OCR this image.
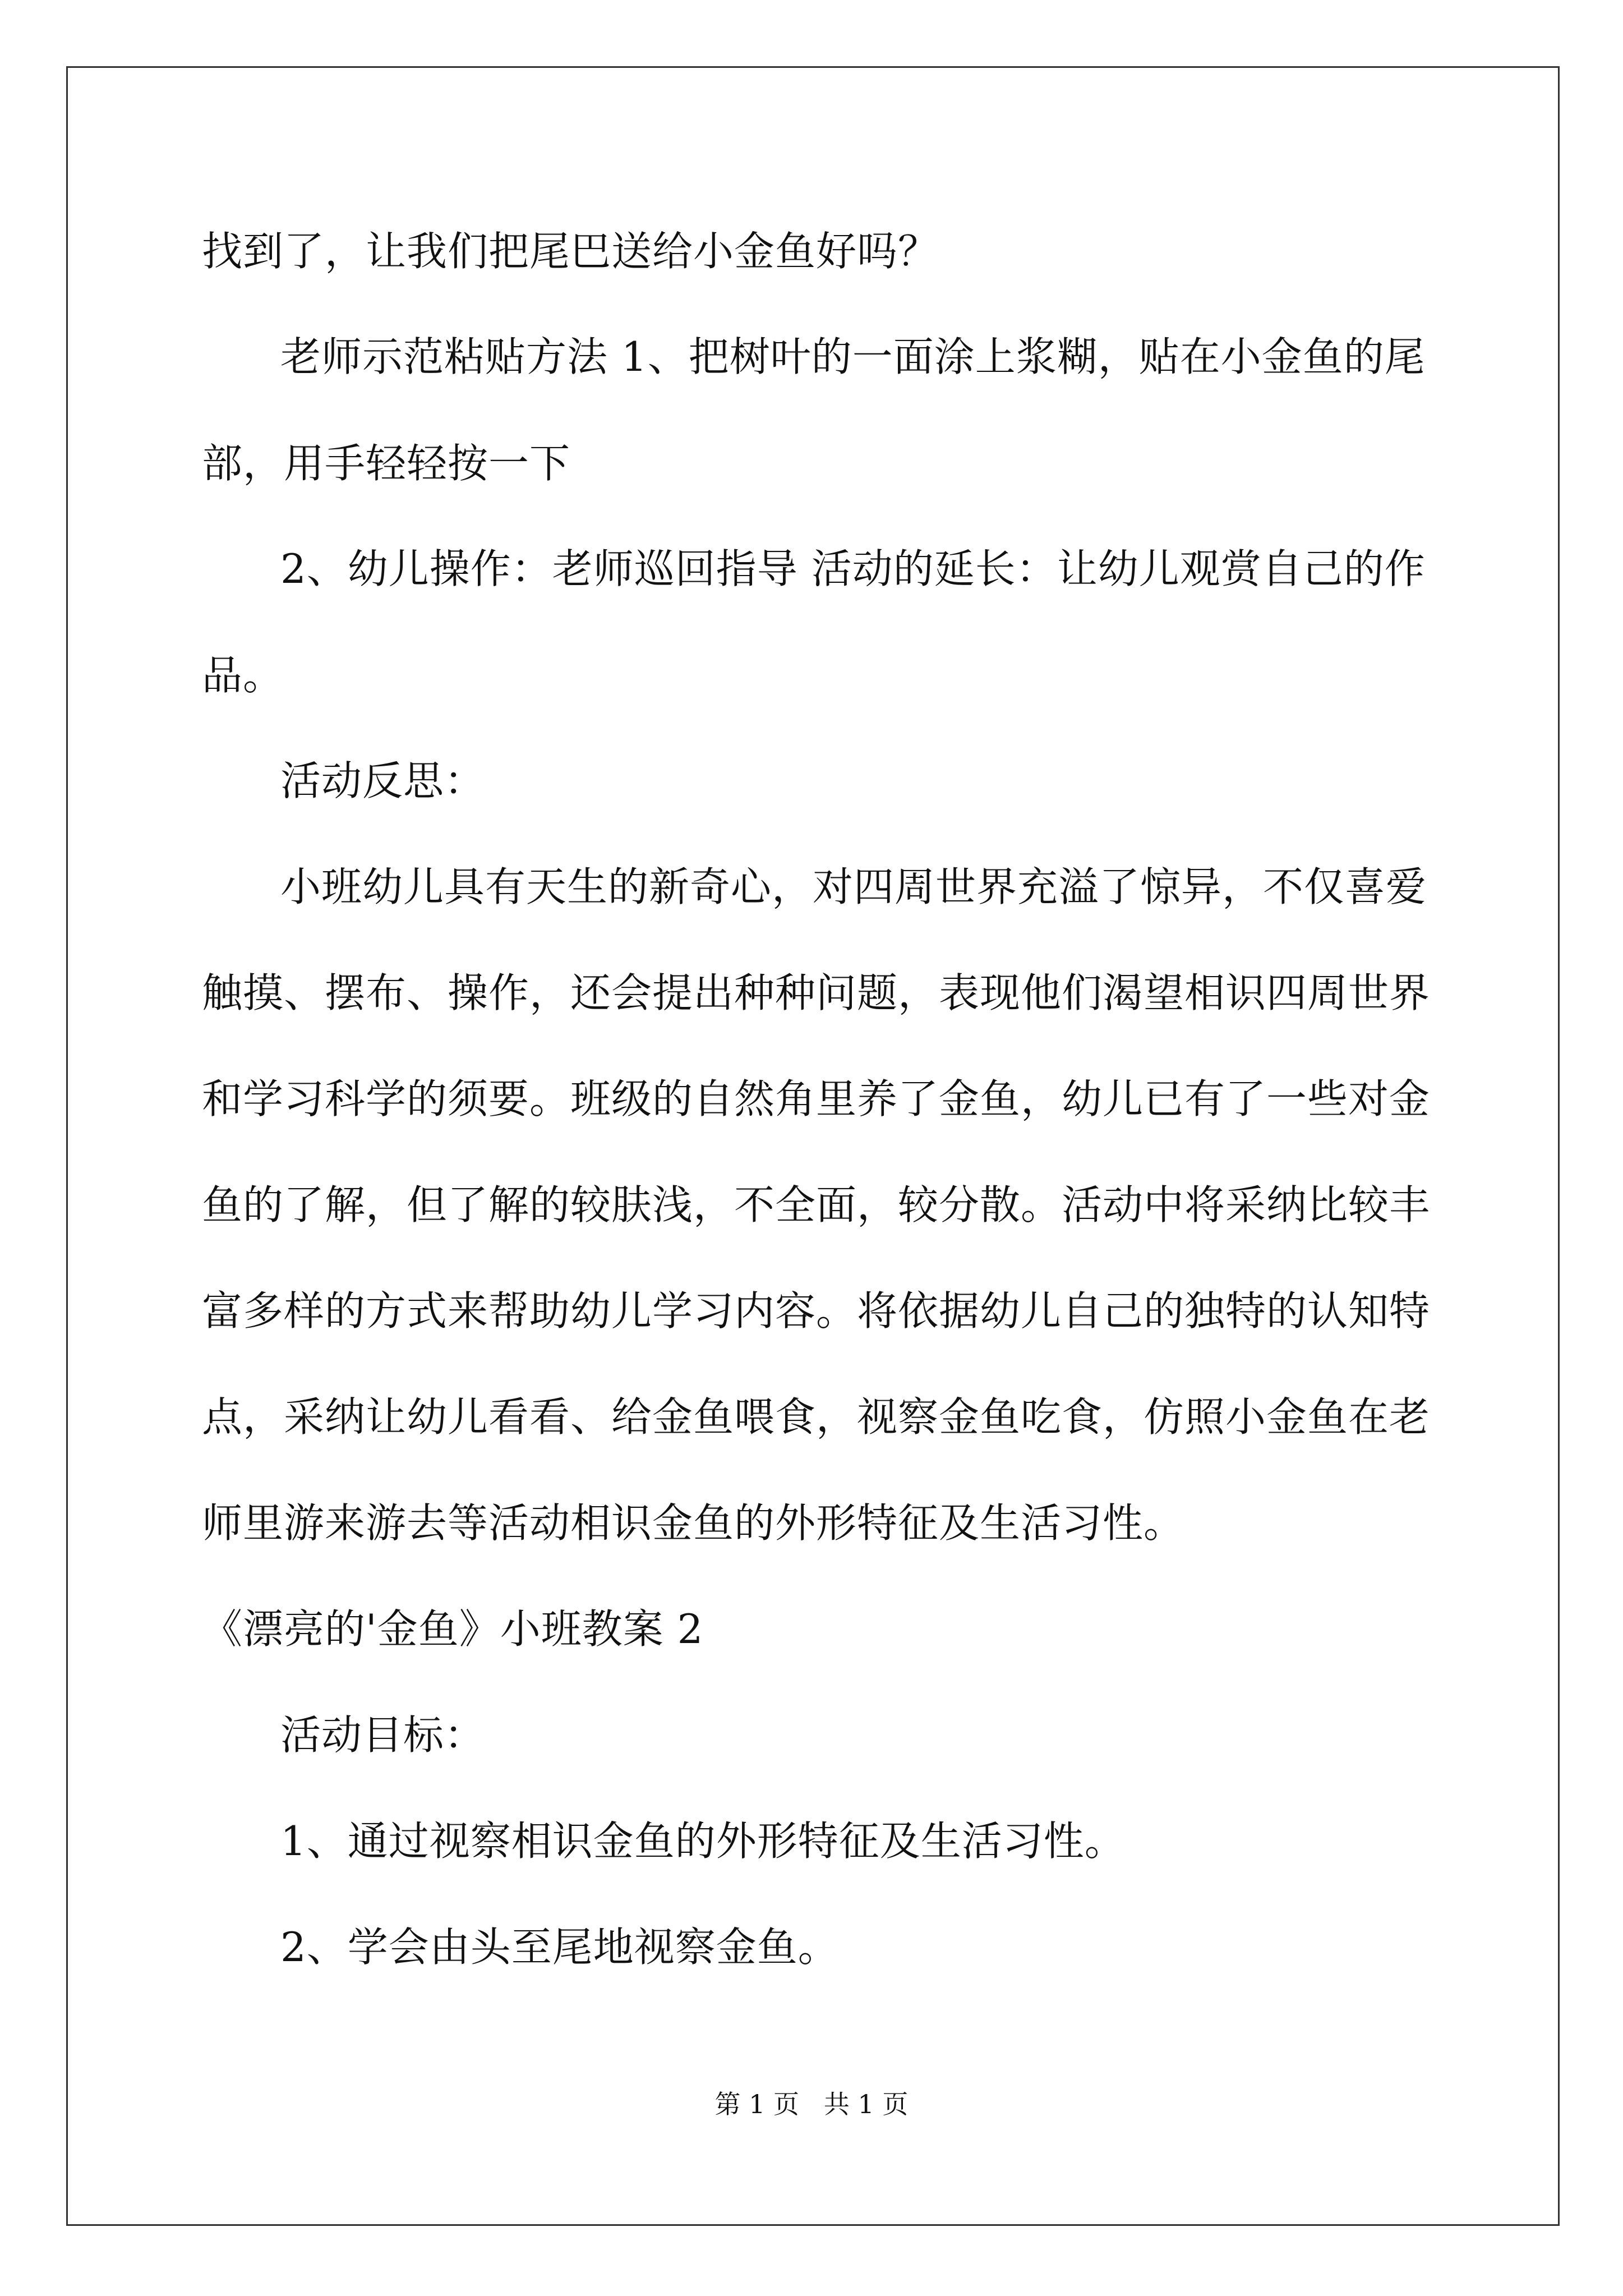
找到了，让我们把尾巴送给小金鱼好吗？
老师示范粘贴方法 1、把树叶的一面涂上浆糊，贴在小金鱼的尾
部，用手轻轻按一下
2、幼儿操作：老师巡回指导 活动的延长：让幼儿观赏自己的作
品。
活动反思：
小班幼儿具有天生的新奇心，对四周世界充溢了惊异，不仅喜爱
触摸、摆布、操作，还会提出种种问题，表现他们渴望相识四周世界
和学习科学的须要。班级的自然角里养了金鱼，幼儿已有了一些对金
鱼的了解，但了解的较肤浅，不全面，较分散。活动中将采纳比较丰
富多样的方式来帮助幼儿学习内容。将依据幼儿自己的独特的认知特
点，采纳让幼儿看看、给金鱼喂食，视察金鱼吃食，仿照小金鱼在老
师里游来游去等活动相识金鱼的外形特征及生活习性。
《漂亮的'金鱼》小班教案 2
活动目标：
1、通过视察相识金鱼的外形特征及生活习性。
2、学会由头至尾地视察金鱼。
第 1 页   共 1 页
